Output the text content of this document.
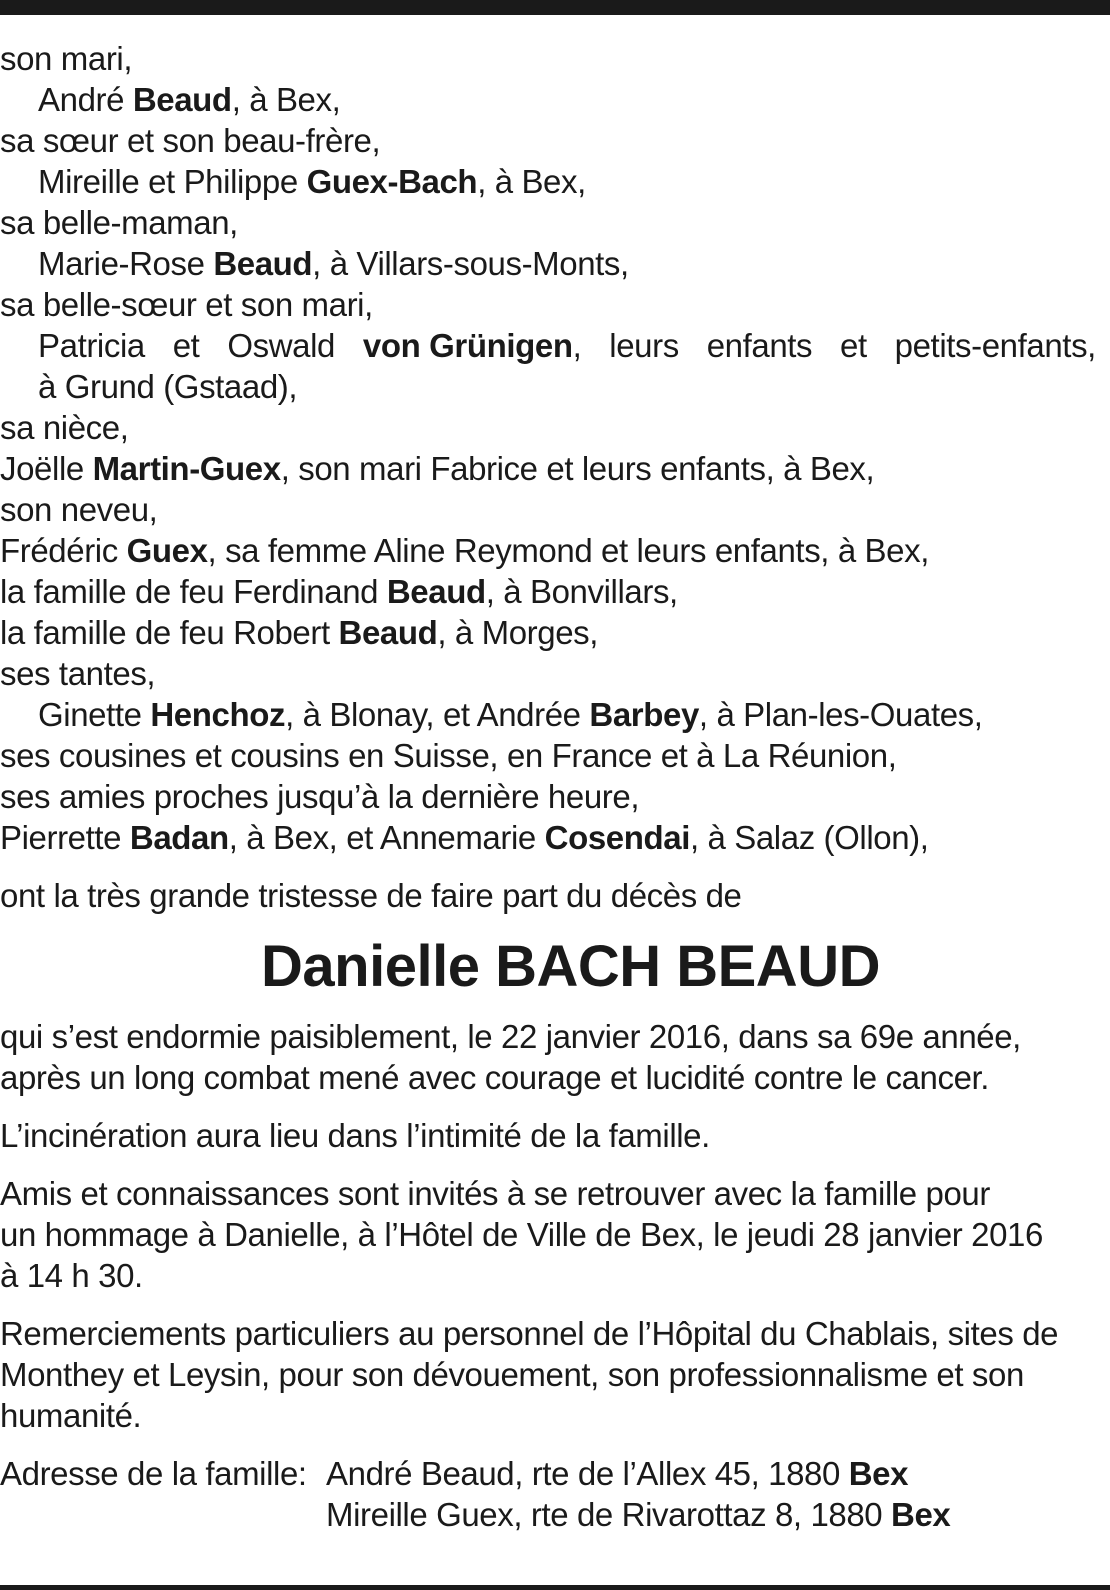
son mari,

André Beaud, à Bex,

sa sœur et son beau-frère,

Mireille et Philippe Guex-Bach, à Bex,

sa belle-maman,

Marie-Rose Beaud, à Villars-sous-Monts,

sa belle-sœur et son mari,

Patricia et Oswald von Grünigen, leurs enfants et petits-enfants,

à Grund (Gstaad),

sa nièce,

Joëlle Martin-Guex, son mari Fabrice et leurs enfants, à Bex,

son neveu,

Frédéric Guex, sa femme Aline Reymond et leurs enfants, à Bex,

la famille de feu Ferdinand Beaud, à Bonvillars,

la famille de feu Robert Beaud, à Morges,

ses tantes,

Ginette Henchoz, à Blonay, et Andrée Barbey, à Plan-les-Ouates,

ses cousines et cousins en Suisse, en France et à La Réunion,

ses amies proches jusqu’à la dernière heure,

Pierrette Badan, à Bex, et Annemarie Cosendai, à Salaz (Ollon),

ont la très grande tristesse de faire part du décès de

Danielle BACH BEAUD

qui s’est endormie paisiblement, le 22 janvier 2016, dans sa 69e année,

après un long combat mené avec courage et lucidité contre le cancer.

L’incinération aura lieu dans l’intimité de la famille.

Amis et connaissances sont invités à se retrouver avec la famille pour

un hommage à Danielle, à l’Hôtel de Ville de Bex, le jeudi 28 janvier 2016

à 14 h 30.

Remerciements particuliers au personnel de l’Hôpital du Chablais, sites de

Monthey et Leysin, pour son dévouement, son professionnalisme et son

humanité.

Adresse de la famille: André Beaud, rte de l’Allex 45, 1880 Bex
Mireille Guex, rte de Rivarottaz 8, 1880 Bex
